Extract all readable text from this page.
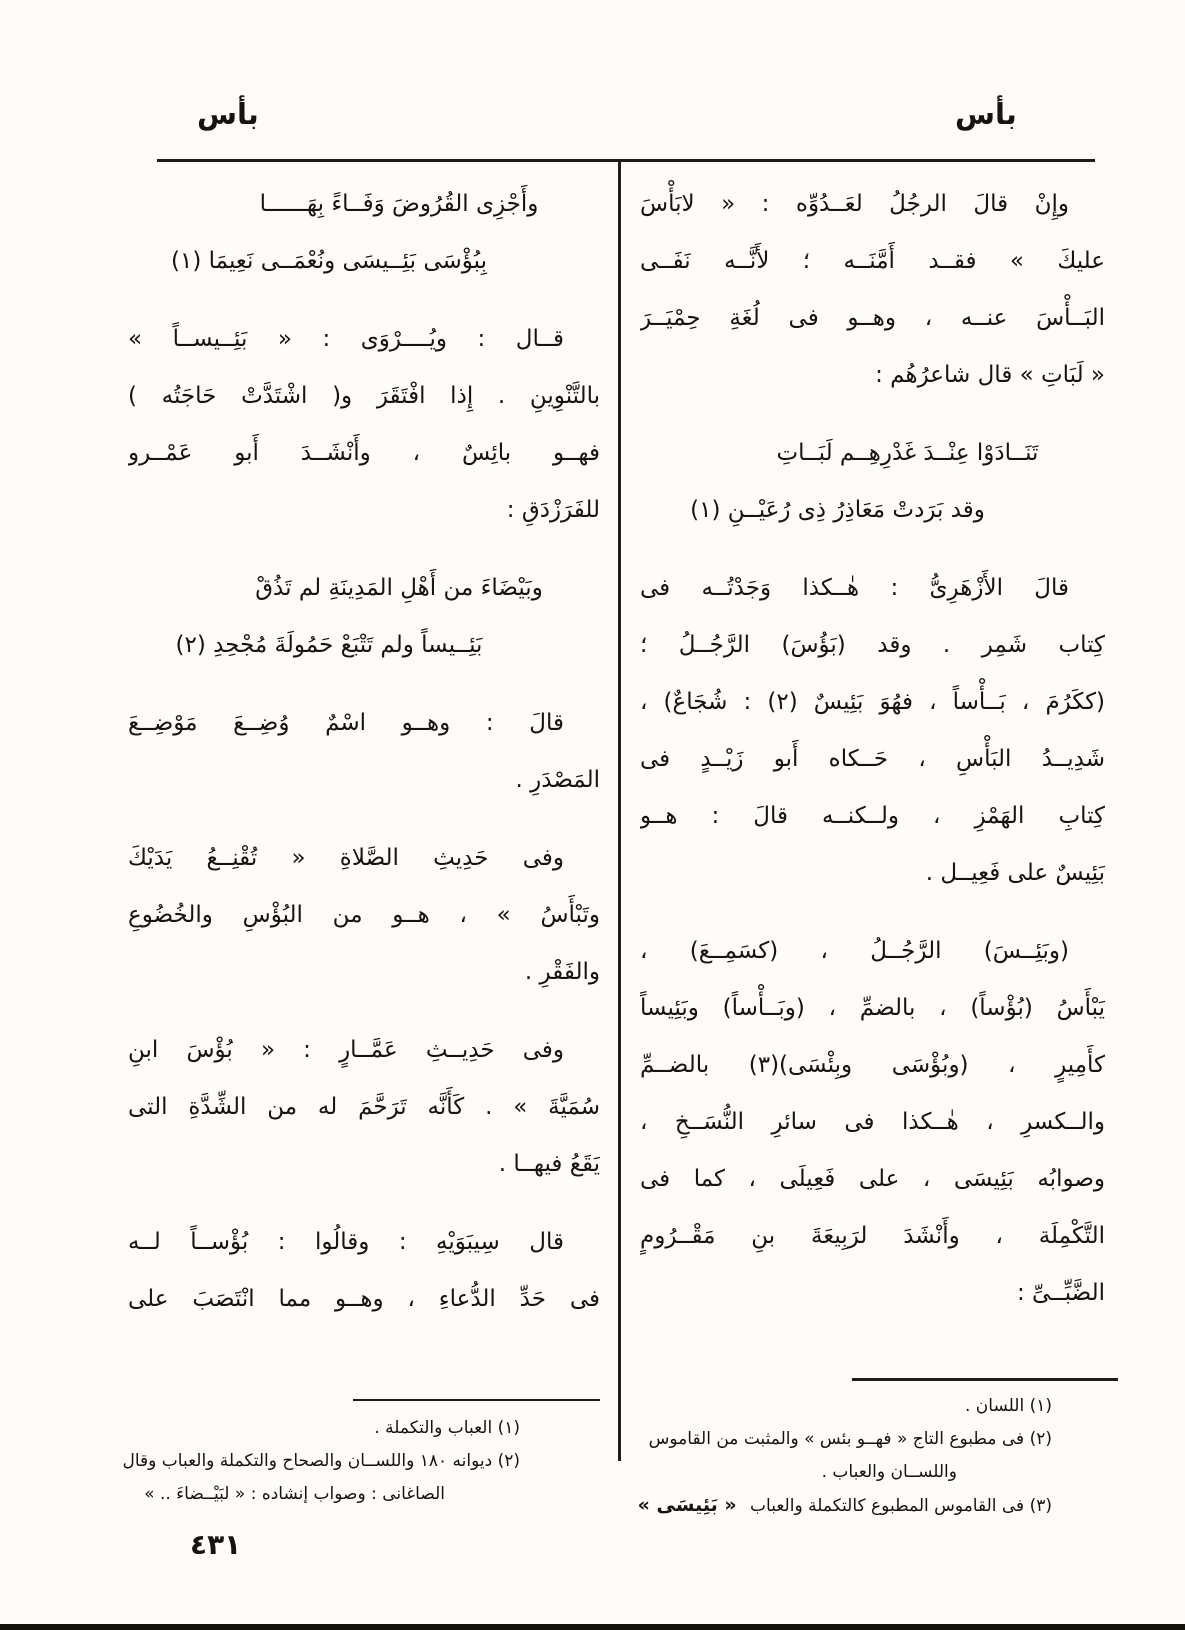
بأس	بأس
وإِنْ قالَ الرجُلُ لعَــدُوِّه : « لابَأْسَ
عليكَ » فقــد أَمَّنَــه ؛ لأَنَّــه نَفَــى
البَــأْسَ عنــه ، وهــو فى لُغَةِ حِمْيَــرَ
« لَبَاتِ » قال شاعرُهُم :
تَنَــادَوْا عِنْــدَ غَدْرِهِــم لَبَــاتِ
وقد بَرَدتْ مَعَاذِرُ ذِى رُعَيْــنِ (١)
قالَ الأَزْهَرِىُّ : هٰــكذا وَجَدْتُــه فى
كِتاب شَمِر . وقد (بَؤُسَ) الرَّجُــلُ ؛
(ككَرُمَ ، بَــأْساً ، فهُوَ بَئِيسٌ (٢) : شُجَاعٌ) ،
شَدِيــدُ البَأْسِ ، حَــكاه أَبو زَيْــدٍ فى
كِتابِ الهَمْزِ ، ولــكنــه قالَ : هــو
بَئِيسٌ على فَعِيــل .
(وبَئِــسَ) الرَّجُــلُ ، (كسَمِــعَ) ،
يَبْأَسُ (بُؤْساً) ، بالضمِّ ، (وبَــأْساً) وبَئِيساً
كأَمِيرٍ ، (وبُؤْسَى وبِئْسَى)(٣) بالضــمِّ
والــكسرِ ، هٰــكذا فى سائرِ النُّسَــخِ ،
وصوابُه بَئِيسَى ، على فَعِيلَى ، كما فى
التَّكْمِلَة ، وأَنْشَدَ لرَبِيعَةَ بنِ مَقْــرُومٍ
الضَّبِّــىِّ :
وأَجْزِى القُرُوضَ وَفَــاءً بِهَــــــا
بِبُؤْسَى بَئِــيسَى ونُعْمَــى نَعِيمَا (١)
قــال : ويُــــرْوَى : « بَئِــيســاً »
بالتَّنْوِينِ . إِذا افْتَقَرَ و( اشْتَدَّتْ حَاجَتُه )
فهــو بائِسٌ ، وأَنْشَــدَ أَبو عَمْــرو
للفَرَزْدَقِ :
وبَيْضَاءَ من أَهْلِ المَدِينَةِ لم تَذُقْ
بَئِــيساً ولم تَتْبَعْ حَمُولَةَ مُجْحِدِ (٢)
قالَ : وهــو اسْمٌ وُضِــعَ مَوْضِــعَ
المَصْدَرِ .
وفى حَدِيثِ الصَّلاةِ « تُقْنِــعُ يَدَيْكَ
وتَبْأَسُ » ، هــو من البُؤْسِ والخُضُوعِ
والفَقْرِ .
وفى حَدِيــثِ عَمَّــارٍ : « بُؤْسَ ابنِ
سُمَيَّةَ » . كَأَنَّه تَرَحَّمَ له من الشِّدَّةِ التى
يَقَعُ فيهــا .
قال سِيبَوَيْهِ : وقالُوا : بُؤْســاً لــه
فى حَدِّ الدُّعاءِ ، وهــو مما انْتَصَبَ على
(١) اللسان .
(٢) فى مطبوع التاج « فهــو بئس » والمثبت من القاموس
واللســان والعباب .
(٣) فى القاموس المطبوع كالتكملة والعباب « بَئِيسَى »
(١) العباب والتكملة .
(٢) ديوانه ١٨٠ واللســان والصحاح والتكملة والعباب وقال
الصاغانى : وصواب إنشاده : « لبَيْــضاءَ .. »
٤٣١
